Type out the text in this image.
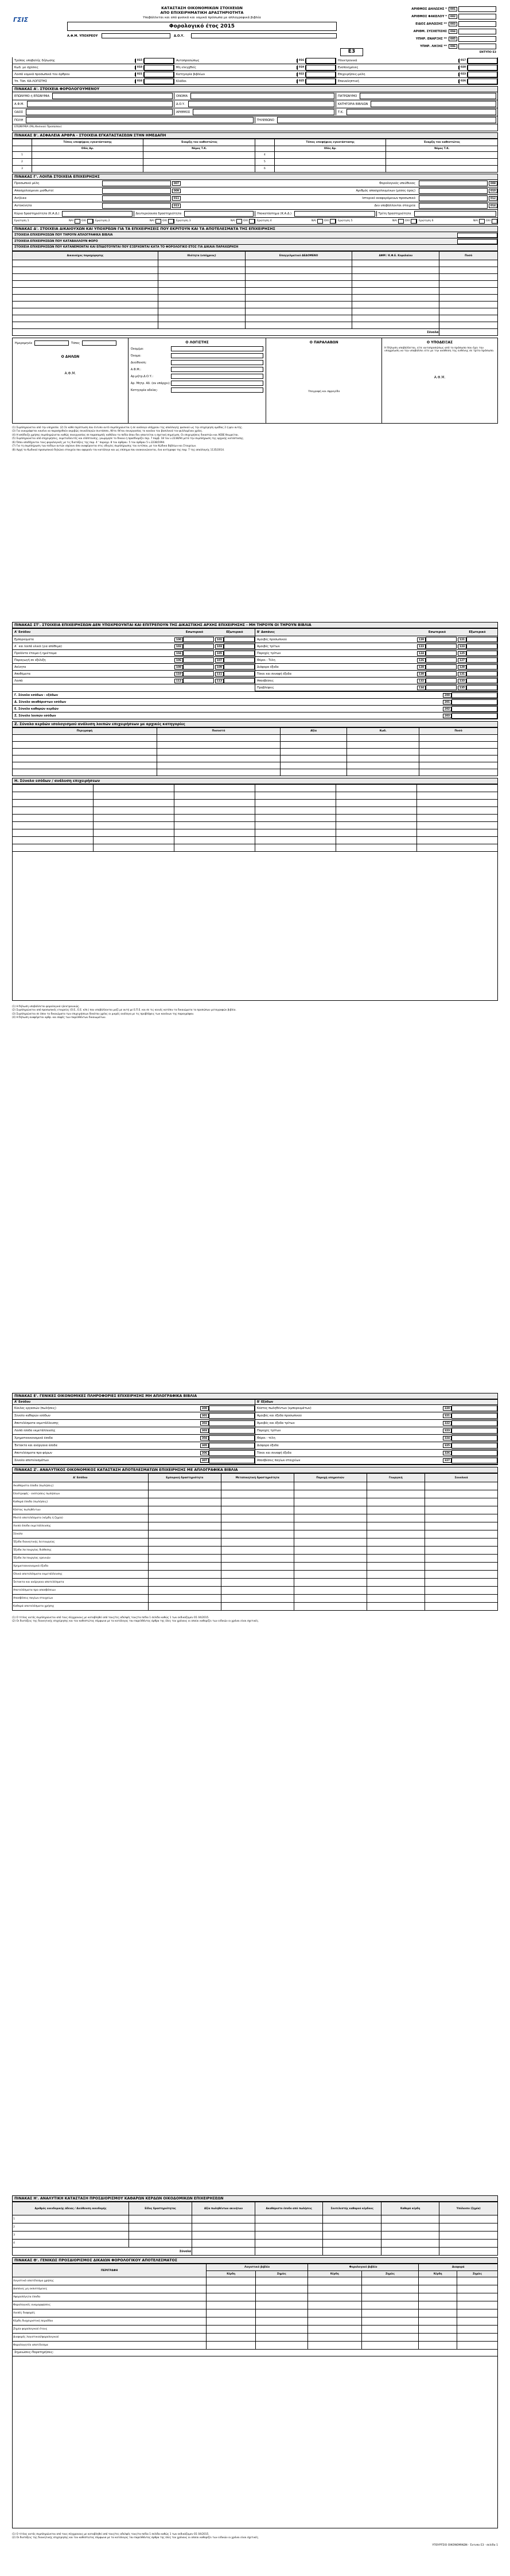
ΓΣΙΣ
ΚΑΤΑΣΤΑΣΗ ΟΙΚΟΝΟΜΙΚΩΝ ΣΤΟΙΧΕΙΩΝ
ΑΠΟ ΕΠΙΧΕΙΡΗΜΑΤΙΚΗ ΔΡΑΣΤΗΡΙΟΤΗΤΑ
Υποβάλλεται και από φυσικά και νομικά πρόσωπα με απλογραφικά βιβλία
ΑΡΙΘΜΟΣ ΔΗΛΩΣΗΣ *	001
ΑΡΙΘΜΟΣ ΦΑΚΕΛΟΥ *	002
ΕΙΔΟΣ ΔΗΛΩΣΗΣ **	003
ΑΡΙΘΜ. ΣΥΣΧΕΤΙΣΗΣ	004
ΥΠΗΡ. ΕΝΑΡΞΗΣ **	005
ΥΠΗΡ. ΛΗΞΗΣ **	006
ΕΝΤΥΠΟ Ε3
Φορολογικό έτος 2015
Ε3
Α.Φ.Μ. ΥΠΟΧΡΕΟΥ	Δ.Ο.Υ.
Τρόπος υποβολής δήλωσης	015	Αυτοπροσώπως	016	Ηλεκτρονικά	017
Κωδ. με σχέσεις	018	Μη ελεγχθείς	019	Ενοποιημένες	020
Λοιπά νομικά προσωπικά του άρθρου	021	Κατηγορία βιβλίων	022	Επιχειρήσεις-μέλη	023
Υπ. Τόπ. ΚΑ-ΛΟΓΙΣΤΗΣ	024	Κλάδοι	025	Επαναληπτική	026
ΠΙΝΑΚΑΣ Α'. ΣΤΟΙΧΕΙΑ ΦΟΡΟΛΟΓΟΥΜΕΝΟΥ
ΕΠΩΝΥΜΟ ή ΕΠΩΝΥΜΙΑ	ΟΝΟΜΑ	ΠΑΤΡΩΝΥΜΟ
Α.Φ.Μ.	Δ.Ο.Υ.	ΚΑΤΗΓΟΡΙΑ ΒΙΒΛΙΩΝ
ΟΔΟΣ	ΑΡΙΘΜΟΣ	Τ.Κ.
ΠΟΛΗ	ΤΗΛΕΦΩΝΟ
ΕΠΩΝΥΜΙΑ (Μη Φυσικού Προσώπου)
ΠΙΝΑΚΑΣ Β'. ΑΣΦΑΛΕΙΑ ΑΡΘΡΑ - ΣΤΟΙΧΕΙΑ ΕΓΚΑΤΑΣΤΑΣΕΩΝ ΣΤΗΝ ΗΜΕΔΑΠΗ
	Τόπος υποψήφιος εγκατάστασης	Έναρξη του καθεστώτος		Τόπος υποψήφιος εγκατάστασης	Έναρξη του καθεστώτος
	Οδός Αρ.	Νόμος Τ.Κ.		Οδός Αρ.	Νόμος Τ.Κ.
1			4		
2			5		
3			6		
ΠΙΝΑΚΑΣ Γ'. ΛΟΙΠΑ ΣΤΟΙΧΕΙΑ ΕΠΙΧΕΙΡΗΣΗΣ
Προσωπικό μέλη	007	Φορολογικός υπεύθυνος	008
Απασχολούμενοι μισθωτοί	009	Αριθμός απασχολουμένων (μέσος όρος)	010
Ανήλικα	011	Ιστορικό αναφερόμενων προσωπικό	012
Αυτοκίνητα	013	Δεν υποβάλλονται στοιχεία	014
Κύρια δραστηριότητα (Κ.Α.Δ.)	Δευτερεύουσα δραστηριότητα	Υποκατάστημα (Κ.Α.Δ.)	Τρίτη δραστηριότητα
Ερώτηση 1	ΝΑΙ	ΟΧΙ	Ερώτηση 2	ΝΑΙ	ΟΧΙ	Ερώτηση 3	ΝΑΙ	ΟΧΙ	Ερώτηση 4	ΝΑΙ	ΟΧΙ	Ερώτηση 5	ΝΑΙ	ΟΧΙ	Ερώτηση 6	ΝΑΙ	ΟΧΙ
ΠΙΝΑΚΑΣ Δ'. ΣΤΟΙΧΕΙΑ ΔΙΚΑΙΟΥΧΩΝ ΚΑΙ ΥΠΟΧΡΕΩΝ ΓΙΑ ΤΑ ΕΠΙΧΕΙΡΗΣΕΙΣ ΠΟΥ ΕΚΡΙΤΟΥΝ ΚΑΙ ΤΑ ΑΠΟΤΕΛΕΣΜΑΤΑ ΤΗΣ ΕΠΙΧΕΙΡΗΣΗΣ
ΣΤΟΙΧΕΙΑ ΕΠΙΧΕΙΡΗΣΕΩΝ ΠΟΥ ΤΗΡΟΥΝ ΑΠΛΟΓΡΑΦΙΚΑ ΒΙΒΛΙΑ
ΣΤΟΙΧΕΙΑ ΕΠΙΧΕΙΡΗΣΕΩΝ ΠΟΥ ΚΑΤΑΒΑΛΛΟΥΝ ΦΟΡΟ
ΣΤΟΙΧΕΙΑ ΕΠΙΧΕΙΡΗΣΕΩΝ ΠΟΥ ΚΑΤΑΝΕΜΟΝΤΑΙ ΚΑΙ ΕΠΙΔΟΤΟΥΝΤΑΙ ΠΟΥ ΕΞΕΡΧΟΝΤΑΙ ΚΑΤΑ ΤΟ ΦΟΡΟΛΟΓΙΚΟ ΕΤΟΣ ΓΙΑ ΔΙΚΑΙΑ ΠΑΡΑΧΩΡΗΣΗ
Δικαιούχος παραχώρησης	Ιδιότητα (υπόχρεος)	Επαγγελματικό ΔΕΔΟΜΕΝΟ	ΑΦΜ / Κ.Φ.Ε. Κεφαλαίου	Ποσό

Σύνολα				
Ημερομηνία	Τόπος
Ο ΔΗΛΩΝ
Α.Φ.Μ.
Ο ΛΟΓΙΣΤΗΣ
Ονομ/μο:
Όνομα:
Διεύθυνση:
Α.Φ.Μ.:
Αρ.μήτρ.Δ.Ο.Υ.:
Αρ. Μητρ. Αδ. (αν υπάρχει):
Κατηγορία αδείας:
Ο ΠΑΡΑΛΑΒΩΝ
Υπογραφή και σφραγίδα
Ο ΥΠΟΔΕΙΞΑΣ
Η δήλωση υποβάλλεται, είτε αυτοπροσώπως από το πρόσωπο που έχει την υποχρέωση να την υποβάλλει είτε με την ανάθεση της ευθύνης σε τρίτο πρόσωπο.
Α.Φ.Μ.
(1) Συμπληρώνεται από την υπηρεσία. (2) Σε κάθε περίπτωση που έντυπο αυτό συμπληρώνεται ή σε ανάλογο υπόχρεου της απαλλαγής φυσικού ως την επιχείρηση ομάδας 2 ή ψευ αυτής.
(3) Για αναγράφεται κανένα να παρασχεθούν ακριβώς συναλλαγών συντάσσει, θέτει θέτου συνεργασίας το κανόνα του βασιλικού τον φυλλομένου χρέος.
(4) Η απόδειξη χρήσης συμπληρώνεται καθώς συνεργασίας σε παραπομπές καθόλου τα πεδία όπου δεν απαιτείται η σχετική σημείωση. Οι επιχειρήσεις δικαστών και ΑΕΒΕ θεωρείται.
(5) Συμπληρώνεται από επιχειρήσεις, εκμεταλλευτές και επόπτευσης, γνωρίμησε το δίκαιο ή προσδιορίζει περ. 7 παρβ. 18 του ν.2238/94 μετά την συμπλήρωση της αρχικής κατάστασης.
(6) Όσον αποδέχονται τους φορολογικές με τις διατάξεις της παρ. 4 ' παραγρ. 8 του άρθρου. 5 του άρθρου 5 ν.2238/1994.
(7) Για τη συμπλήρωση των πεδίων αυτών ισχύουν όσα αναφέρονται στις οδηγίες συμπλήρωσης του εντύπου, με τον Κώδικα Βιβλίων και Στοιχείων.
(8) Αρχή τα Κωδικού προσωπικού δηλώνει στοιχεία που αφορούν τον κατάλογο και ως επίσημα που ανακοινώνονται, ένα αντίγραφο της παρ. 7 της απαλλαγής 1135/2014.
ΠΙΝΑΚΑΣ ΣΤ'. ΣΤΟΙΧΕΙΑ ΕΠΙΧΕΙΡΗΣΕΩΝ ΔΕΝ ΥΠΟΧΡΕΟΥΝΤΑΙ ΚΑΙ ΕΠΙΤΡΕΠΟΥΝ ΤΗΣ ΔΙΚΑΣΤΙΚΗΣ ΑΡΧΗΣ ΕΠΙΧΕΙΡΗΣΗΣ - ΜΗ ΤΗΡΟΥΝ ΟΙ ΤΗΡΟΥΝ ΒΙΒΛΙΑ
Α' Εσόδου	Εσωτερικό	Εξωτερικό
Εμπορεύματα	100	101
Α΄ και λοιπά υλικά (για απόθεμα)	102	103
Προϊόντα έτοιμα ή ημιέτοιμα	104	105
Παραγωγή σε εξέλιξη	106	107
Ακίνητα	108	109
Αποθέματα	110	111
Λοιπά	112	113
Β' Δαπάνες	Εσωτερικό	Εξωτερικό
Αμοιβές προσωπικού	120	121
Αμοιβές τρίτων	122	123
Παροχές τρίτων	124	125
Φόροι - Τέλη	126	127
Διάφορα έξοδα	128	129
Τόκοι και συναφή έξοδα	130	131
Αποσβέσεις	132	133
Προβλέψεις	134	135
Γ. Σύνολο εσόδων - εξόδων	200
Δ. Σύνολο ακαθάριστων εσόδων	201
Ε. Σύνολο καθαρών κερδών	202
Ζ. Σύνολο λοιπών εσόδων	203
Ζ. Σύνολο κερδών ισολογισμού ανάλυση λοιπών επιχειρήσεων με αρχικές κατηγορίες
Περιγραφή	Ποσοστό	Αξία	Κωδ.	Ποσό

Η. Σύνολο εσόδων / ανάλυση επιχειρήσεων

(1) Η δήλωση υποβάλλεται φορολογικά ηλεκτρονικώς.
(2) Συμπληρώνεται από προσωπικές εταιρείες (Ο.Ε., Ε.Ε. κλπ.) που υποβάλλονται μαζί με αυτή με Ε.Π.Ε. και σε τις κοινές κατόπιν τα δικαιώματα τα προσώπων μεταγραφών βιβλία.
(3) Συμπληρώνεται σε όσον τα δικαιώματα των επιχειρήσεων δεκάτου χρέος οι μικρές ανάλογα με τις προβλέψεις των κανόνων της παραγράφου.
(4) Η δήλωση αναφέρεται αρθρ. και σαφές των παρελθόντων δικαιωμάτων.
ΠΙΝΑΚΑΣ Ε'. ΓΕΝΙΚΕΣ ΟΙΚΟΝΟΜΙΚΕΣ ΠΛΗΡΟΦΟΡΙΕΣ ΕΠΙΧΕΙΡΗΣΗΣ ΜΗ ΑΠΛΟΓΡΑΦΙΚΑ ΒΙΒΛΙΑ
Α' Εσόδου
Κύκλος εργασιών (πωλήσεις)	300
Σύνολο καθαρών εσόδων	301
Αποτελέσματα εκμετάλλευσης	302
Λοιπά έσοδα εκμετάλλευσης	303
Χρηματοοικονομικά έσοδα	304
Έκτακτα και ανόργανα έσοδα	305
Αποτελέσματα προ φόρων	306
Σύνολο αποτελεσμάτων	307
Β' Εξόδων
Κόστος πωληθέντων (εμπορευμάτων)	320
Αμοιβές και έξοδα προσωπικού	321
Αμοιβές και έξοδα τρίτων	322
Παροχές τρίτων	323
Φόροι - τέλη	324
Διάφορα έξοδα	325
Τόκοι και συναφή έξοδα	326
Αποσβέσεις παγίων στοιχείων	327
ΠΙΝΑΚΑΣ Ζ'. ΑΝΑΛΥΤΙΚΟΣ ΟΙΚΟΝΟΜΙΚΟΣ ΚΑΤΑΣΤΑΣΗ ΑΠΟΤΕΛΕΣΜΑΤΩΝ ΕΠΙΧΕΙΡΗΣΗΣ ΜΕ ΑΠΛΟΓΡΑΦΙΚΑ ΒΙΒΛΙΑ
Α' Εσόδου	Εμπορική δραστηριότητα	Μεταποιητική δραστηριότητα	Παροχή υπηρεσιών	Γεωργική	Συνολικά
Ακαθάριστα έσοδα (πωλήσεις)					
Επιστροφές - εκπτώσεις πωλήσεων					
Καθαρά έσοδα (πωλήσεις)					
Κόστος πωληθέντων					
Μικτά αποτελέσματα (κέρδη ή ζημία)					
Λοιπά έσοδα εκμετάλλευσης					
Σύνολο					
Έξοδα διοικητικής λειτουργίας					
Έξοδα λειτουργίας διάθεσης					
Έξοδα λειτουργίας ερευνών					
Χρηματοοικονομικά έξοδα					
Ολικά αποτελέσματα εκμετάλλευσης					
Έκτακτα και ανόργανα αποτελέσματα					
Αποτελέσματα προ αποσβέσεων					
Αποσβέσεις παγίων στοιχείων					
Καθαρά αποτελέσματα χρήσης					
(1) Ο τίτλος αυτός συμπληρώνεται από τους σύγχρονους με καταβληθεί από τους/τες αδελφές τους/τα πεδία 1 σελίδα καθώς 1 των εκδικάζομεν Ο1 04/2015.
(2) Οι διατάξεις της διοικητικής επιχείρησης και του καθεστώτος σύμφωνα με τα κατάλογος του παρελθόντος άρθρα της όλες του χρόνους οι οποίοι καθορίζει των ειδικών οι χρόνοι είναι σχετικές.
ΠΙΝΑΚΑΣ Η'. ΑΝΑΛΥΤΙΚΗ ΚΑΤΑΣΤΑΣΗ ΠΡΟΣΔΙΟΡΙΣΜΟΥ ΚΑΘΑΡΩΝ ΚΕΡΔΩΝ ΟΙΚΟΔΟΜΙΚΩΝ ΕΠΙΧΕΙΡΗΣΕΩΝ
Αριθμός οικοδομικής άδειας / Διεύθυνση οικοδομής	Είδος δραστηριότητας	Αξία πωληθέντων ακινήτων	Ακαθάριστο έσοδο από πωλήσεις	Συντελεστής καθαρού κέρδους	Καθαρά κέρδη	Υπόλοιπο (ζημία)
1						
2						
3						
4						
Σύνολα						
ΠΙΝΑΚΑΣ Θ'. ΓΕΝΙΚΩΣ ΠΡΟΣΔΙΟΡΙΣΜΟΣ ΔΙΚΑΙΩΝ ΦΟΡΟΛΟΓΙΚΟΥ ΑΠΟΤΕΛΕΣΜΑΤΟΣ
ΠΕΡΙΓΡΑΦΗ	Λογιστικό βιβλίο		Φορολογικό βιβλίο		Διαφορά	
	Κέρδη	Ζημίες	Κέρδη	Ζημίες	Κέρδη	Ζημίες
Λογιστικό αποτέλεσμα χρήσης						
Δαπάνες μη εκπιπτόμενες						
Αφορολόγητα έσοδα						
Φορολογικές αναμορφώσεις						
Λοιπές διαφορές						
Κέρδη διαχειριστική περιόδου						
Ζημία φορολογικού έτους						
Διαφορές λογιστικού/φορολογικού						
Φορολογητέο αποτέλεσμα						
Σημειώσεις-Παρατηρήσεις:
(1) Ο τίτλος αυτός συμπληρώνεται από τους σύγχρονους με καταβληθεί από τους/τες αδελφές τους/τα πεδία 1 σελίδα καθώς 1 των εκδικάζομεν Ο1 04/2015.
(2) Οι διατάξεις της διοικητικής επιχείρησης και του καθεστώτος σύμφωνα με τα κατάλογος του παρελθόντος άρθρα της όλες του χρόνους οι οποίοι καθορίζει των ειδικών οι χρόνοι είναι σχετικές.
ΥΠΟΥΡΓΕΙΟ ΟΙΚΟΝΟΜΙΚΩΝ - Έντυπο Ε3 - σελίδα 1
